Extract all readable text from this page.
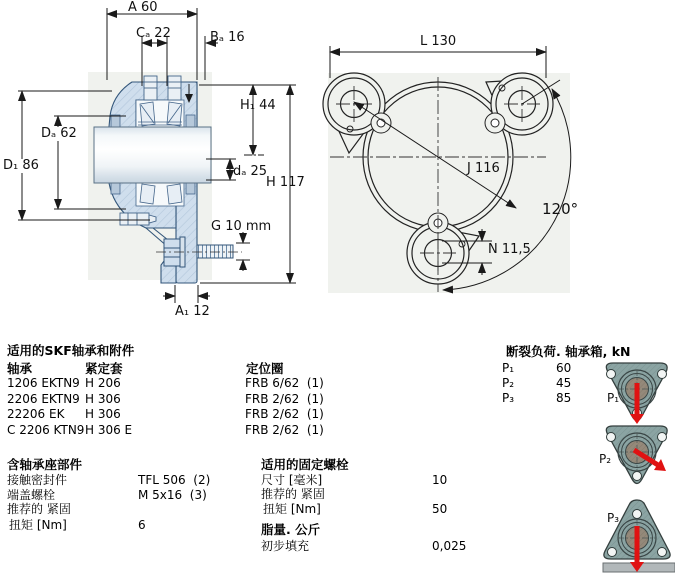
A 60
Cₐ 22	Bₐ 16
H₁ 44
Dₐ 62
D₁ 86	dₐ 25
H 117
G 10 mm
A₁ 12
L 130
J 116
120°
N 11,5
适用的SKF轴承和附件
轴承	紧定套	定位圈
1206 EKTN9 H 206	FRB 6/62  (1)
2206 EKTN9 H 306	FRB 2/62  (1)
22206 EK H 306	FRB 2/62  (1)
C 2206 KTN9 H 306 E	FRB 2/62  (1)
含轴承座部件
接触密封件	TFL 506  (2)
端盖螺栓	M 5x16  (3)
推荐的 紧固
扭矩 [Nm]	6
适用的固定螺栓
尺寸 [毫米]	10
推荐的 紧固
扭矩 [Nm]	50
脂量. 公斤
初步填充	0,025
断裂负荷. 轴承箱, kN
P₁	60
P₂	45
P₃	85	P₁
P₂
P₃
